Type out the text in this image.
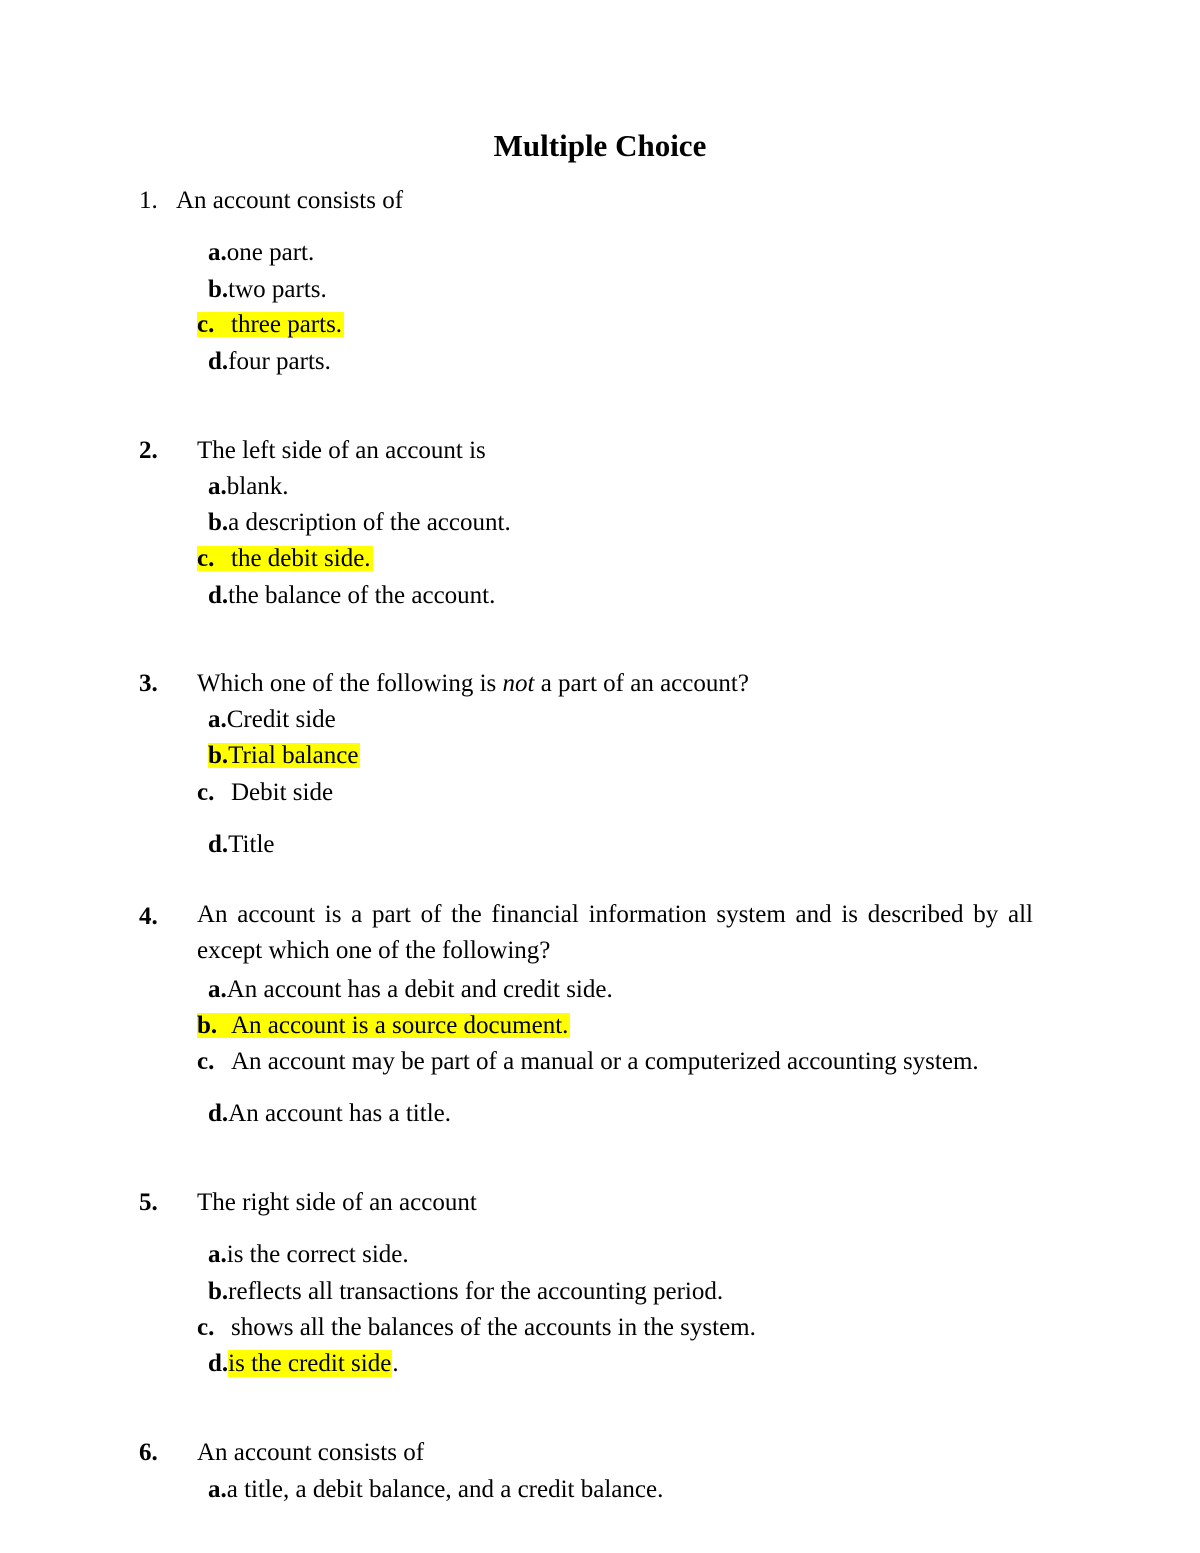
Multiple Choice
1. An account consists of
a.one part.
b.two parts.
c. three parts.
d.four parts.
2. The left side of an account is
a.blank.
b.a description of the account.
c. the debit side.
d.the balance of the account.
3. Which one of the following is not a part of an account?
a.Credit side
b.Trial balance
c. Debit side
d.Title
4. An account is a part of the financial information system and is described by all except which one of the following?
a.An account has a debit and credit side.
b. An account is a source document.
c. An account may be part of a manual or a computerized accounting system.
d.An account has a title.
5. The right side of an account
a.is the correct side.
b.reflects all transactions for the accounting period.
c. shows all the balances of the accounts in the system.
d.is the credit side.
6. An account consists of
a.a title, a debit balance, and a credit balance.
